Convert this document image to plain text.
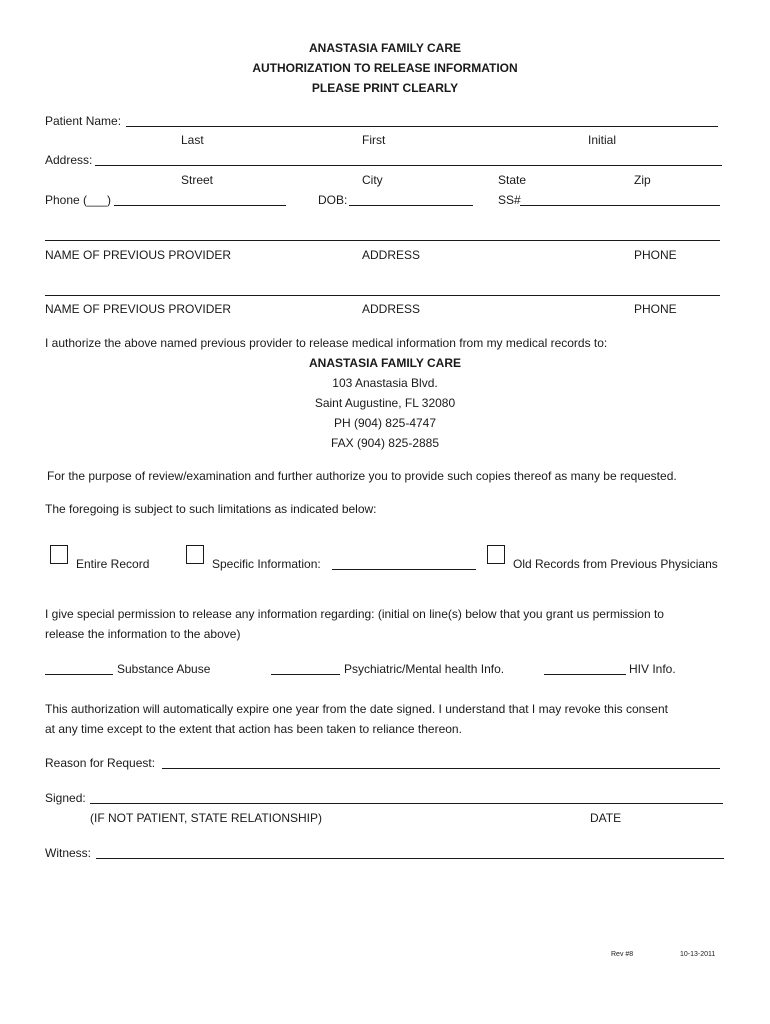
ANASTASIA FAMILY CARE
AUTHORIZATION TO RELEASE INFORMATION
PLEASE PRINT CLEARLY
Patient Name:
Last	First	Initial
Address:
Street	City	State	Zip
Phone (___)	DOB:	SS#
NAME OF PREVIOUS PROVIDER	ADDRESS	PHONE
NAME OF PREVIOUS PROVIDER	ADDRESS	PHONE
I authorize the above named previous provider to release medical information from my medical records to:
ANASTASIA FAMILY CARE
103 Anastasia Blvd.
Saint Augustine, FL 32080
PH (904) 825-4747
FAX (904) 825-2885
For the purpose of review/examination and further authorize you to provide such copies thereof as many be requested.
The foregoing is subject to such limitations as indicated below:
Entire Record	Specific Information:	Old Records from Previous Physicians
I give special permission to release any information regarding: (initial on line(s) below that you grant us permission to
release the information to the above)
Substance Abuse	Psychiatric/Mental health Info.	HIV Info.
This authorization will automatically expire one year from the date signed. I understand that I may revoke this consent
at any time except to the extent that action has been taken to reliance thereon.
Reason for Request:
Signed:
(IF NOT PATIENT, STATE RELATIONSHIP)	DATE
Witness:
Rev #8	10-13-2011
